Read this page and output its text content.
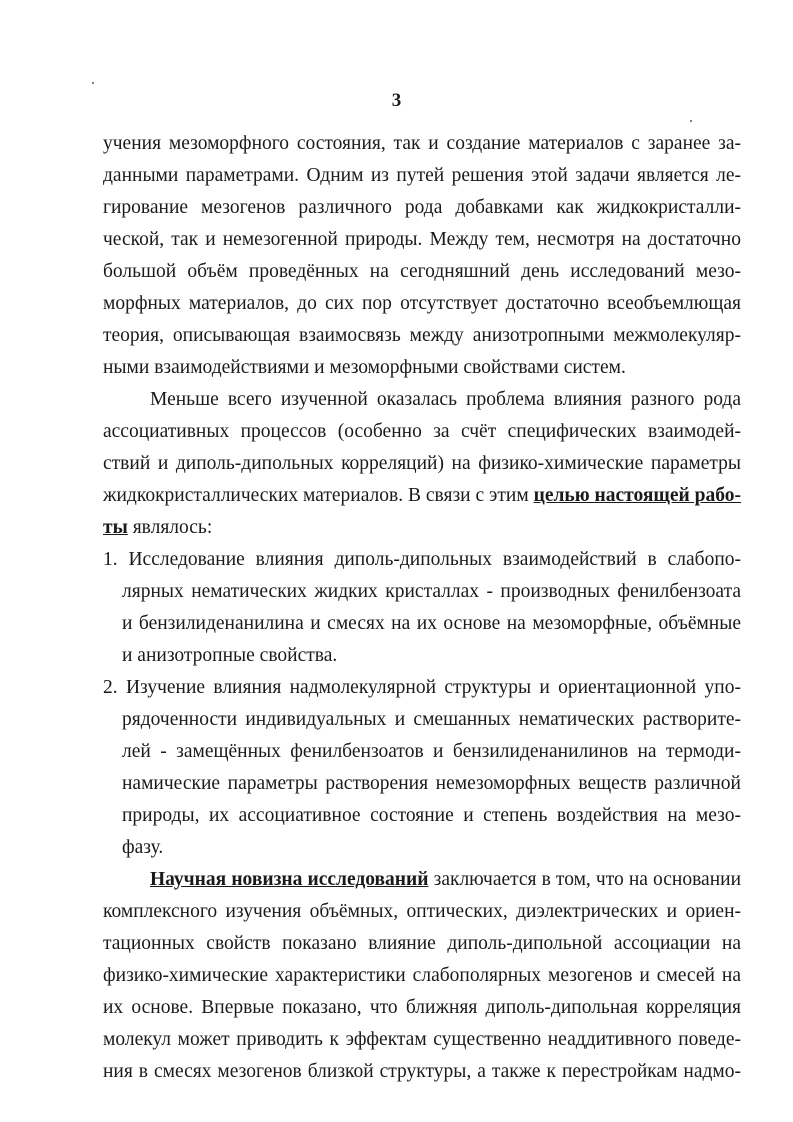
3
учения мезоморфного состояния, так и создание материалов с заранее за-
данными параметрами. Одним из путей решения этой задачи является ле-
гирование мезогенов различного рода добавками как жидкокристалли-
ческой, так и немезогенной природы. Между тем, несмотря на достаточно
большой объём проведённых на сегодняшний день исследований мезо-
морфных материалов, до сих пор отсутствует достаточно всеобъемлющая
теория, описывающая взаимосвязь между анизотропными межмолекуляр-
ными взаимодействиями и мезоморфными свойствами систем.
Меньше всего изученной оказалась проблема влияния разного рода
ассоциативных процессов (особенно за счёт специфических взаимодей-
ствий и диполь-дипольных корреляций) на физико-химические параметры
жидкокристаллических материалов. В связи с этим целью настоящей рабо-
ты являлось:
1. Исследование влияния диполь-дипольных взаимодействий в слабопо-
лярных нематических жидких кристаллах - производных фенилбензоата
и бензилиденанилина и смесях на их основе на мезоморфные, объёмные
и анизотропные свойства.
2. Изучение влияния надмолекулярной структуры и ориентационной упо-
рядоченности индивидуальных и смешанных нематических растворите-
лей - замещённых фенилбензоатов и бензилиденанилинов на термоди-
намические параметры растворения немезоморфных веществ различной
природы, их ассоциативное состояние и степень воздействия на мезо-
фазу.
Научная новизна исследований заключается в том, что на основании
комплексного изучения объёмных, оптических, диэлектрических и ориен-
тационных свойств показано влияние диполь-дипольной ассоциации на
физико-химические характеристики слабополярных мезогенов и смесей на
их основе. Впервые показано, что ближняя диполь-дипольная корреляция
молекул может приводить к эффектам существенно неаддитивного поведе-
ния в смесях мезогенов близкой структуры, а также к перестройкам надмо-
